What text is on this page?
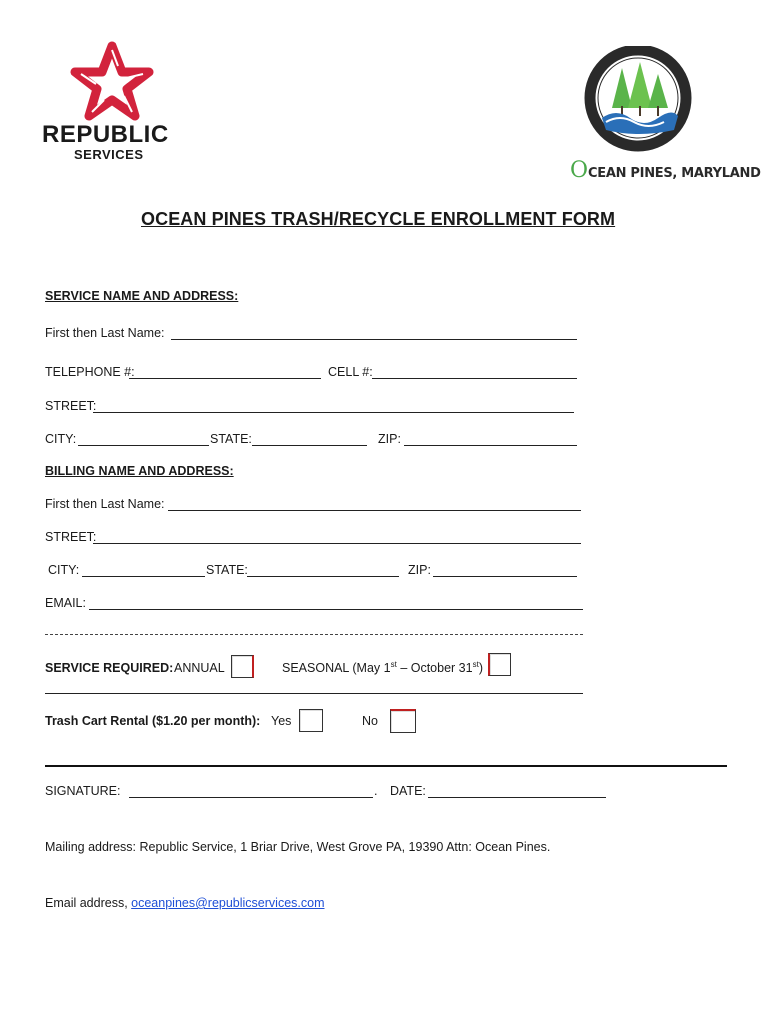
REPUBLIC
SERVICES
OCEAN PINES, MARYLAND
OCEAN PINES TRASH/RECYCLE ENROLLMENT FORM
SERVICE NAME AND ADDRESS:
First then Last Name:
TELEPHONE #:	CELL #:
STREET:
CITY:	STATE:	ZIP:
BILLING NAME AND ADDRESS:
First then Last Name:
STREET:
CITY:	STATE:	ZIP:
EMAIL:
SERVICE REQUIRED: ANNUAL	SEASONAL (May 1st – October 31st)
Trash Cart Rental ($1.20 per month): Yes	No
SIGNATURE:	. DATE:
Mailing address: Republic Service, 1 Briar Drive, West Grove PA, 19390 Attn: Ocean Pines.
Email address, oceanpines@republicservices.com
